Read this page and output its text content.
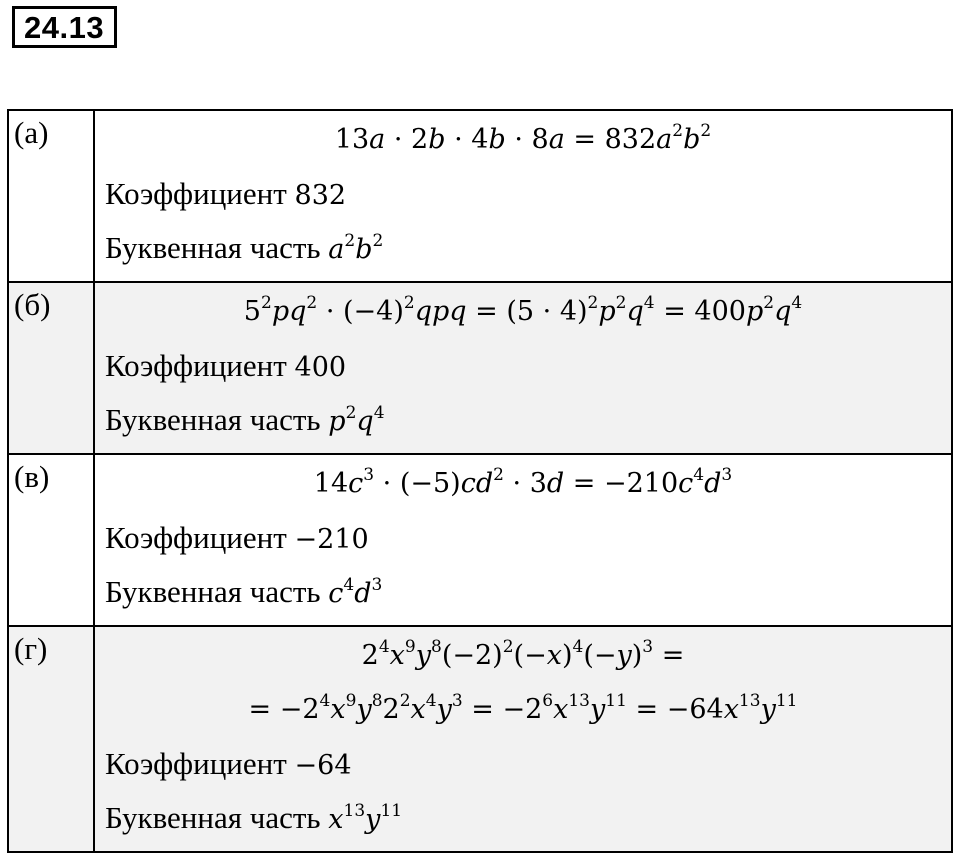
24.13
(а)	$13a \cdot 2b \cdot 4b \cdot 8a = 832a^2b^2$
Коэффициент 832
Буквенная часть $a^2b^2$

(б)	$5^2pq^2 \cdot (-4)^2qpq = (5 \cdot 4)^2p^2q^4 = 400p^2q^4$
Коэффициент 400
Буквенная часть $p^2q^4$

(в)	$14c^3 \cdot (-5)cd^2 \cdot 3d = -210c^4d^3$
Коэффициент −210
Буквенная часть $c^4d^3$

(г)	$2^4x^9y^8(-2)^2(-x)^4(-y)^3$ =
= $-2^4x^9y^82^2x^4y^3 = -2^6x^{13}y^{11} = -64x^{13}y^{11}$
Коэффициент −64
Буквенная часть $x^{13}y^{11}$
